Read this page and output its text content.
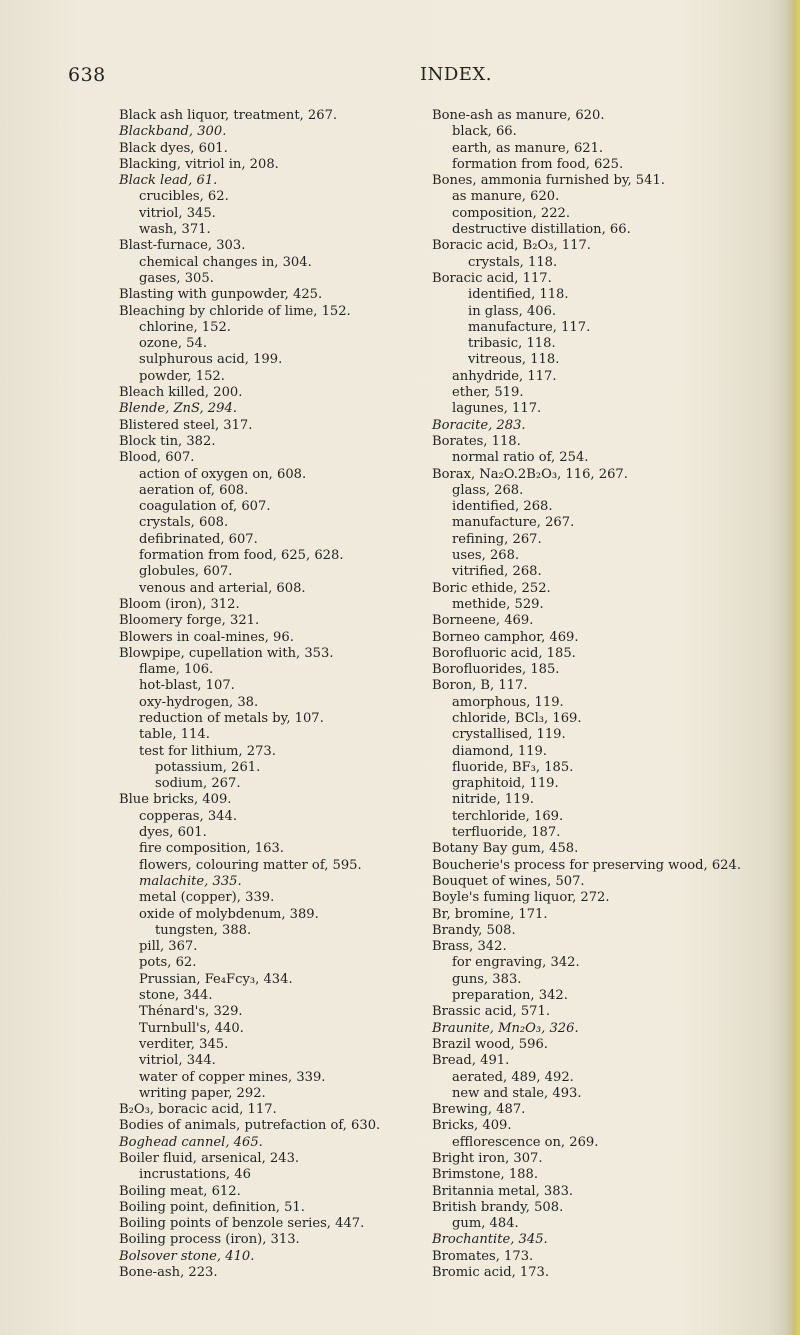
638	INDEX.
Black ash liquor, treatment, 267.
Blackband, 300.
Black dyes, 601.
Blacking, vitriol in, 208.
Black lead, 61.
crucibles, 62.
vitriol, 345.
wash, 371.
Blast-furnace, 303.
chemical changes in, 304.
gases, 305.
Blasting with gunpowder, 425.
Bleaching by chloride of lime, 152.
chlorine, 152.
ozone, 54.
sulphurous acid, 199.
powder, 152.
Bleach killed, 200.
Blende, ZnS, 294.
Blistered steel, 317.
Block tin, 382.
Blood, 607.
action of oxygen on, 608.
aeration of, 608.
coagulation of, 607.
crystals, 608.
defibrinated, 607.
formation from food, 625, 628.
globules, 607.
venous and arterial, 608.
Bloom (iron), 312.
Bloomery forge, 321.
Blowers in coal-mines, 96.
Blowpipe, cupellation with, 353.
flame, 106.
hot-blast, 107.
oxy-hydrogen, 38.
reduction of metals by, 107.
table, 114.
test for lithium, 273.
potassium, 261.
sodium, 267.
Blue bricks, 409.
copperas, 344.
dyes, 601.
fire composition, 163.
flowers, colouring matter of, 595.
malachite, 335.
metal (copper), 339.
oxide of molybdenum, 389.
tungsten, 388.
pill, 367.
pots, 62.
Prussian, Fe₄Fcy₃, 434.
stone, 344.
Thénard's, 329.
Turnbull's, 440.
verditer, 345.
vitriol, 344.
water of copper mines, 339.
writing paper, 292.
B₂O₃, boracic acid, 117.
Bodies of animals, putrefaction of, 630.
Boghead cannel, 465.
Boiler fluid, arsenical, 243.
incrustations, 46
Boiling meat, 612.
Boiling point, definition, 51.
Boiling points of benzole series, 447.
Boiling process (iron), 313.
Bolsover stone, 410.
Bone-ash, 223.
Bone-ash as manure, 620.
black, 66.
earth, as manure, 621.
formation from food, 625.
Bones, ammonia furnished by, 541.
as manure, 620.
composition, 222.
destructive distillation, 66.
Boracic acid, B₂O₃, 117.
crystals, 118.
Boracic acid, 117.
identified, 118.
in glass, 406.
manufacture, 117.
tribasic, 118.
vitreous, 118.
anhydride, 117.
ether, 519.
lagunes, 117.
Boracite, 283.
Borates, 118.
normal ratio of, 254.
Borax, Na₂O.2B₂O₃, 116, 267.
glass, 268.
identified, 268.
manufacture, 267.
refining, 267.
uses, 268.
vitrified, 268.
Boric ethide, 252.
methide, 529.
Borneene, 469.
Borneo camphor, 469.
Borofluoric acid, 185.
Borofluorides, 185.
Boron, B, 117.
amorphous, 119.
chloride, BCl₃, 169.
crystallised, 119.
diamond, 119.
fluoride, BF₃, 185.
graphitoid, 119.
nitride, 119.
terchloride, 169.
terfluoride, 187.
Botany Bay gum, 458.
Boucherie's process for preserving wood, 624.
Bouquet of wines, 507.
Boyle's fuming liquor, 272.
Br, bromine, 171.
Brandy, 508.
Brass, 342.
for engraving, 342.
guns, 383.
preparation, 342.
Brassic acid, 571.
Braunite, Mn₂O₃, 326.
Brazil wood, 596.
Bread, 491.
aerated, 489, 492.
new and stale, 493.
Brewing, 487.
Bricks, 409.
efflorescence on, 269.
Bright iron, 307.
Brimstone, 188.
Britannia metal, 383.
British brandy, 508.
gum, 484.
Brochantite, 345.
Bromates, 173.
Bromic acid, 173.
